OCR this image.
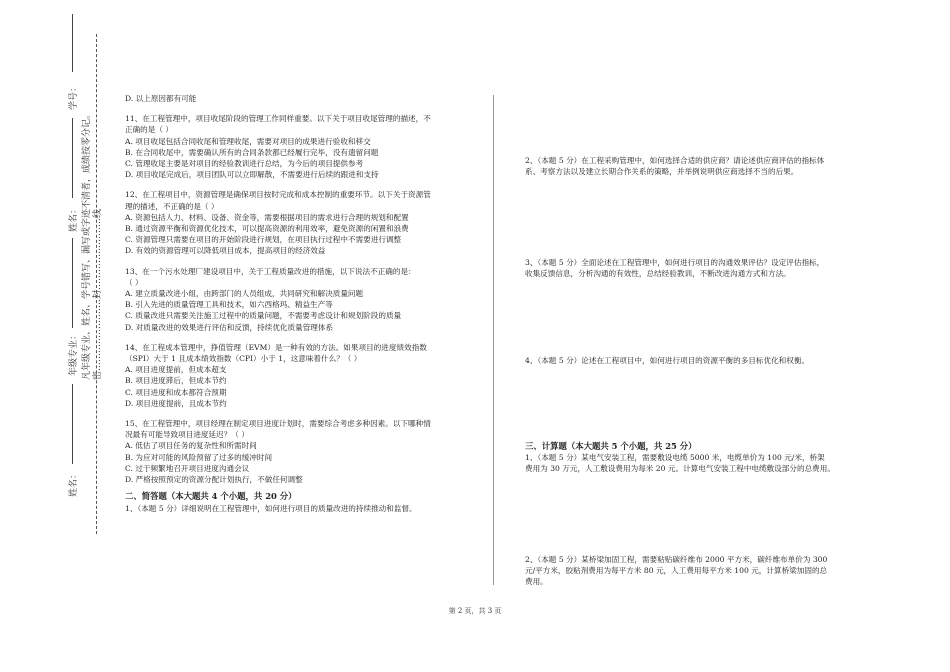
学号：
姓名：
年级专业：
姓名：
凡年级专业、姓名、学号错写、漏写或字迹不清者，成绩按零分记。 密……………………封……………………线

D. 以上原因都有可能

11、在工程管理中，项目收尾阶段的管理工作同样重要。以下关于项目收尾管理的描述，不

正确的是（ ）

A. 项目收尾包括合同收尾和管理收尾，需要对项目的成果进行验收和移交

B. 在合同收尾中，需要确认所有的合同条款都已经履行完毕，没有遗留问题

C. 管理收尾主要是对项目的经验教训进行总结，为今后的项目提供参考

D. 项目收尾完成后，项目团队可以立即解散，不需要进行后续的跟进和支持

12、在工程项目中，资源管理是确保项目按时完成和成本控制的重要环节。以下关于资源管

理的描述，不正确的是（ ）

A. 资源包括人力、材料、设备、资金等，需要根据项目的需求进行合理的规划和配置

B. 通过资源平衡和资源优化技术，可以提高资源的利用效率，避免资源的闲置和浪费

C. 资源管理只需要在项目的开始阶段进行规划，在项目执行过程中不需要进行调整

D. 有效的资源管理可以降低项目成本，提高项目的经济效益

13、在一个污水处理厂建设项目中，关于工程质量改进的措施，以下说法不正确的是：

（ ）

A. 建立质量改进小组，由跨部门的人员组成，共同研究和解决质量问题

B. 引入先进的质量管理工具和技术，如六西格玛、精益生产等

C. 质量改进只需要关注施工过程中的质量问题，不需要考虑设计和规划阶段的质量

D. 对质量改进的效果进行评估和反馈，持续优化质量管理体系

14、在工程成本管理中，挣值管理（EVM）是一种有效的方法。如果项目的进度绩效指数

（SPI）大于 1 且成本绩效指数（CPI）小于 1，这意味着什么？（ ）

A. 项目进度提前，但成本超支

B. 项目进度滞后，但成本节约

C. 项目进度和成本都符合预期

D. 项目进度提前，且成本节约

15、在工程管理中，项目经理在制定项目进度计划时，需要综合考虑多种因素。以下哪种情

况最有可能导致项目进度延迟？（ ）

A. 低估了项目任务的复杂性和所需时间

B. 为应对可能的风险预留了过多的缓冲时间

C. 过于频繁地召开项目进度沟通会议

D. 严格按照预定的资源分配计划执行，不做任何调整

二、简答题（本大题共 4 个小题，共 20 分）

1、（本题 5 分）详细说明在工程管理中，如何进行项目的质量改进的持续推动和监督。

2、（本题 5 分）在工程采购管理中，如何选择合适的供应商？请论述供应商评估的指标体

系、考察方法以及建立长期合作关系的策略，并举例说明供应商选择不当的后果。

3、（本题 5 分）全面论述在工程管理中，如何进行项目的沟通效果评估？设定评估指标，

收集反馈信息，分析沟通的有效性，总结经验教训，不断改进沟通方式和方法。

4、（本题 5 分）论述在工程项目中，如何进行项目的资源平衡的多目标优化和权衡。

三、计算题（本大题共 5 个小题，共 25 分）

1、（本题 5 分）某电气安装工程，需要敷设电缆 5000 米，电缆单价为 100 元/米，桥架

费用为 30 万元，人工敷设费用为每米 20 元。计算电气安装工程中电缆敷设部分的总费用。

2、（本题 5 分）某桥梁加固工程，需要粘贴碳纤维布 2000 平方米，碳纤维布单价为 300

元/平方米，胶粘剂费用为每平方米 80 元，人工费用每平方米 100 元，计算桥梁加固的总

费用。

第 2 页，共 3 页
